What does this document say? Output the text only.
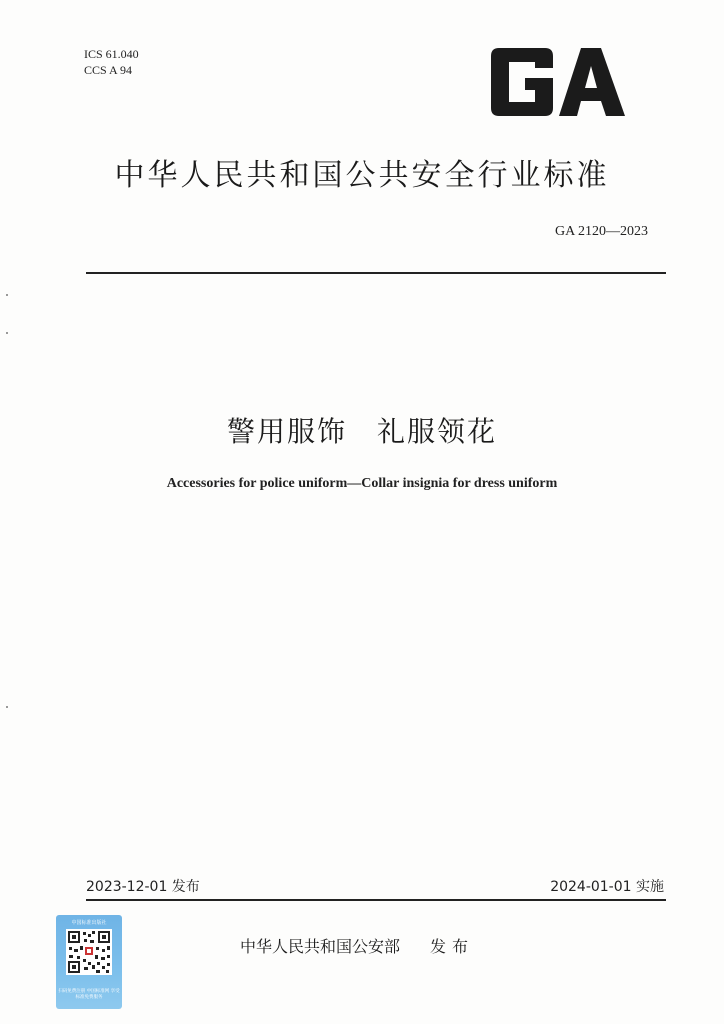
ICS 61.040
CCS A 94
中华人民共和国公共安全行业标准
GA 2120—2023
警用服饰　礼服领花
Accessories for police uniform—Collar insignia for dress uniform
2023-12-01 发布	2024-01-01 实施
中华人民共和国公安部 发布
中国标准出版社
扫码免费注册 中国标准网 享受标准免费服务
